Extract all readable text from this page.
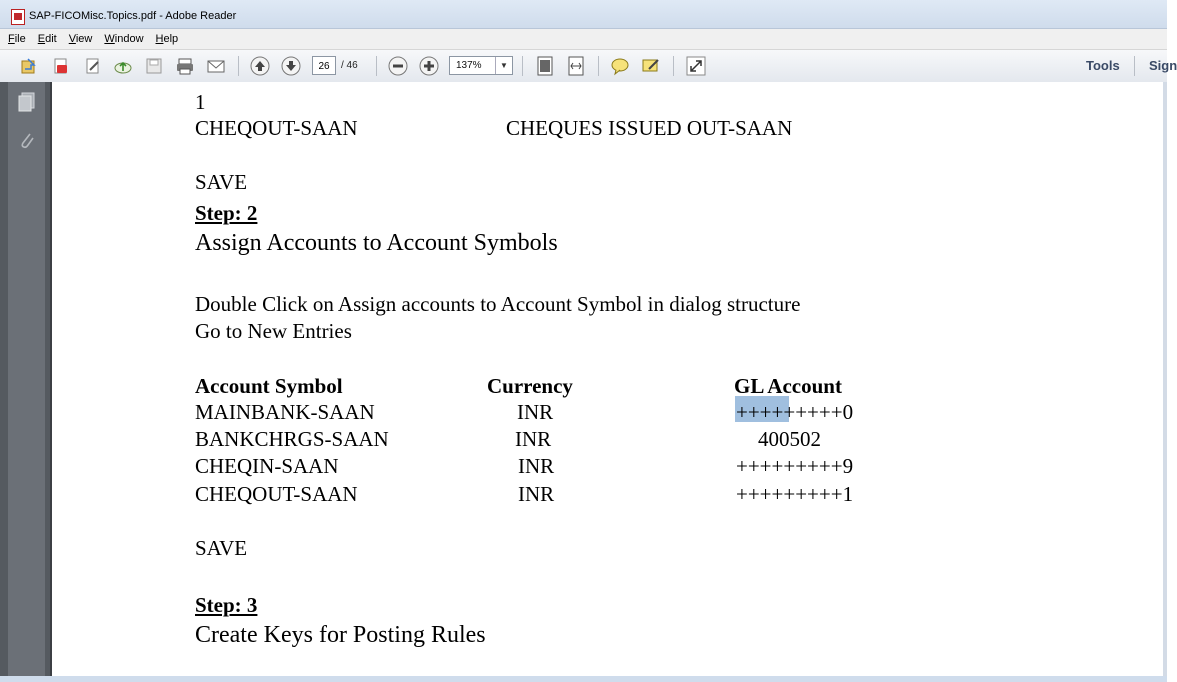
SAP-FICOMisc.Topics.pdf - Adobe Reader
File Edit View Window Help
26	/ 46	137%	▼	Tools Sign
1
CHEQOUT-SAAN	CHEQUES ISSUED OUT-SAAN
SAVE
Step: 2
Assign Accounts to Account Symbols
Double Click on Assign accounts to Account Symbol in dialog structure
Go to New Entries
Account Symbol	Currency	GL Account
MAINBANK-SAAN	INR	+++++++++0
BANKCHRGS-SAAN	INR	400502
CHEQIN-SAAN	INR	+++++++++9
CHEQOUT-SAAN	INR	+++++++++1
SAVE
Step: 3
Create Keys for Posting Rules
